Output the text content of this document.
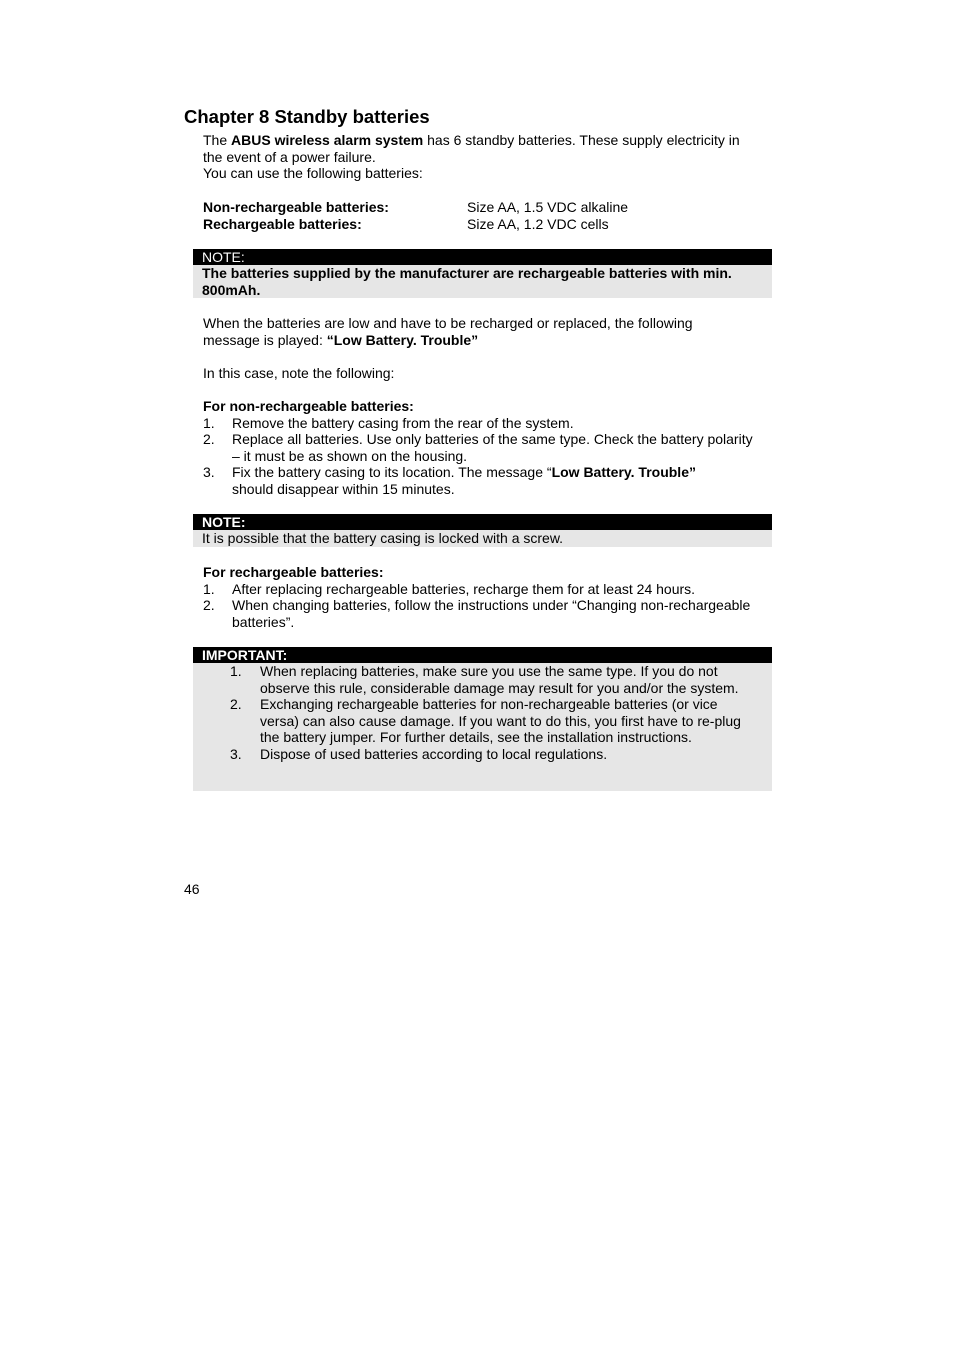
Chapter 8 Standby batteries
The ABUS wireless alarm system has 6 standby batteries. These supply electricity in
the event of a power failure.
You can use the following batteries:
Non-rechargeable batteries:	Size AA, 1.5 VDC alkaline
Rechargeable batteries:	Size AA, 1.2 VDC cells
NOTE:
The batteries supplied by the manufacturer are rechargeable batteries with min.
800mAh.
When the batteries are low and have to be recharged or replaced, the following
message is played: “Low Battery. Trouble”
In this case, note the following:
For non-rechargeable batteries:
1. Remove the battery casing from the rear of the system.
2. Replace all batteries. Use only batteries of the same type. Check the battery polarity
– it must be as shown on the housing.
3. Fix the battery casing to its location. The message “Low Battery. Trouble”
should disappear within 15 minutes.
NOTE:
It is possible that the battery casing is locked with a screw.
For rechargeable batteries:
1. After replacing rechargeable batteries, recharge them for at least 24 hours.
2. When changing batteries, follow the instructions under “Changing non-rechargeable
batteries”.
IMPORTANT:
1. When replacing batteries, make sure you use the same type. If you do not
observe this rule, considerable damage may result for you and/or the system.
2. Exchanging rechargeable batteries for non-rechargeable batteries (or vice
versa) can also cause damage. If you want to do this, you first have to re-plug
the battery jumper. For further details, see the installation instructions.
3. Dispose of used batteries according to local regulations.
46
